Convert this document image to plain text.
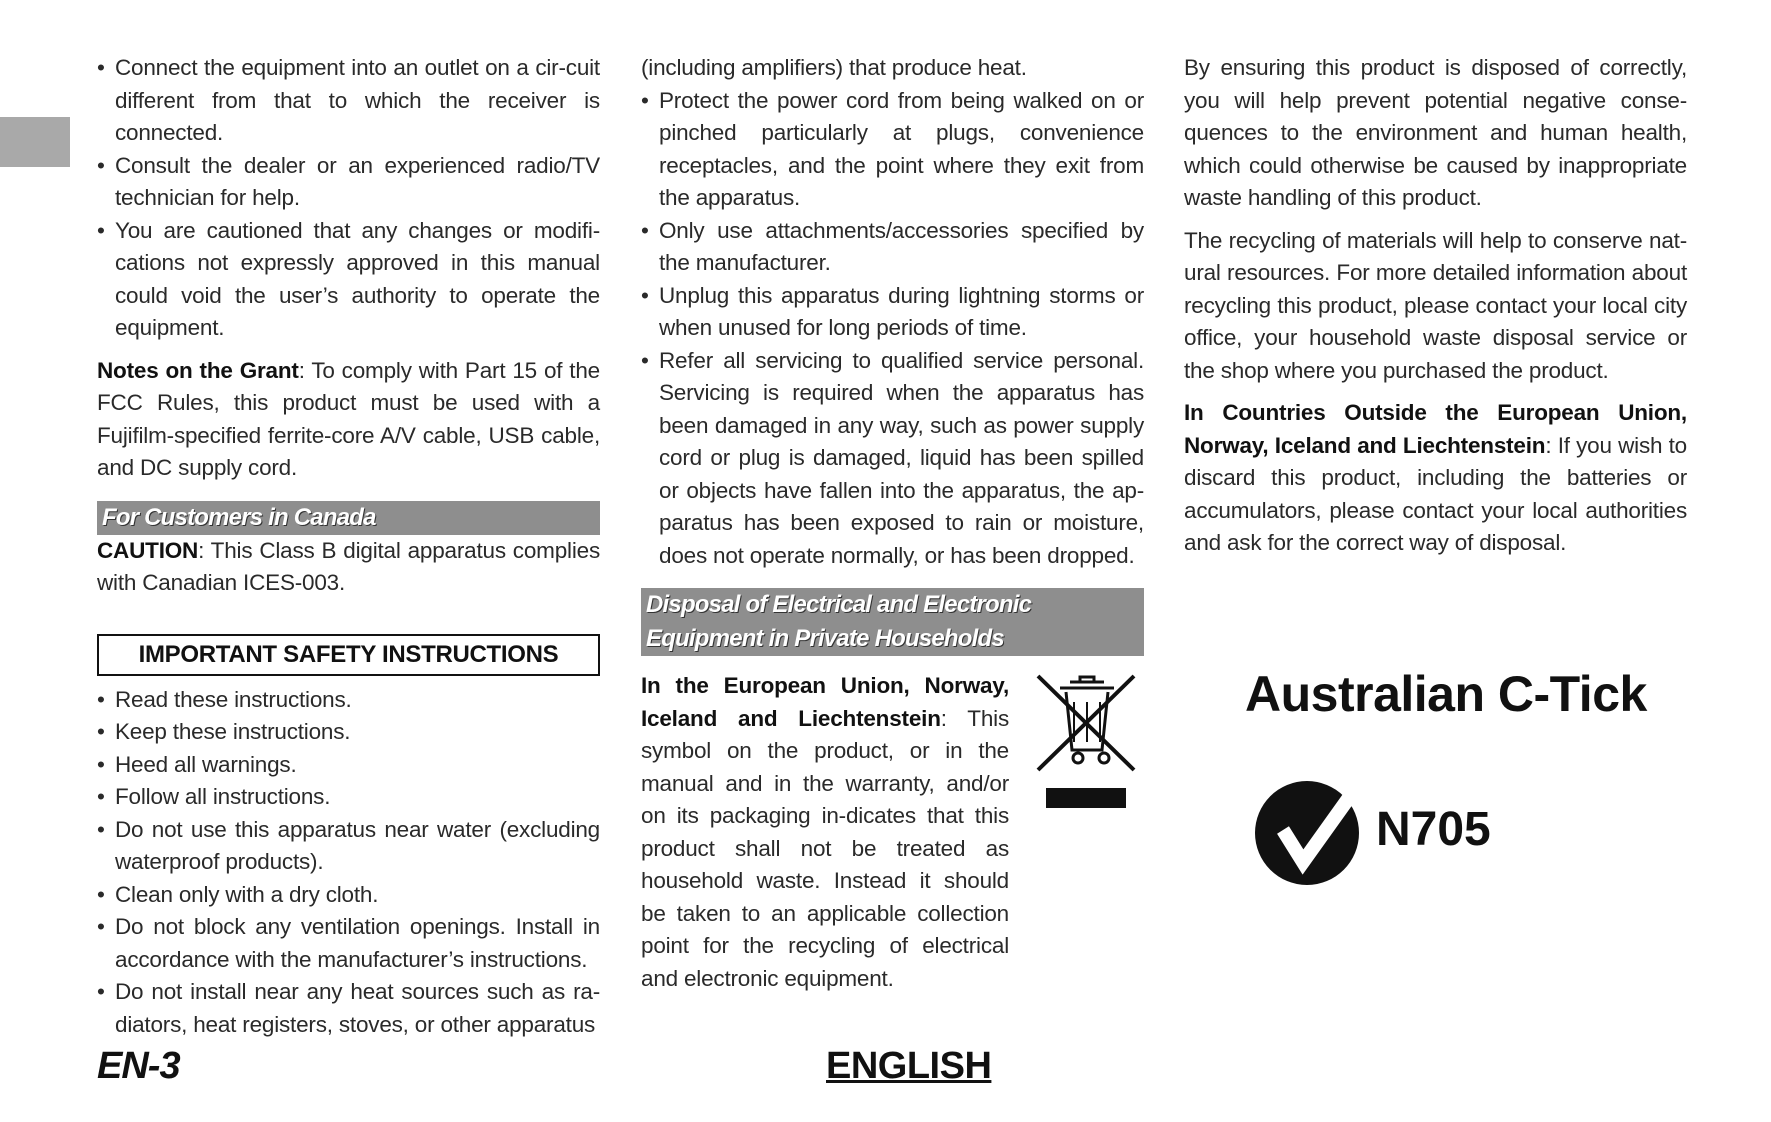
• Connect the equipment into an outlet on a cir-cuit different from that to which the receiver is connected.
• Consult the dealer or an experienced radio/TV technician for help.
• You are cautioned that any changes or modifi-cations not expressly approved in this manual could void the user’s authority to operate the equipment.

Notes on the Grant: To comply with Part 15 of the FCC Rules, this product must be used with a Fujifilm-specified ferrite-core A/V cable, USB cable, and DC supply cord.

For Customers in Canada

CAUTION: This Class B digital apparatus complies with Canadian ICES-003.

IMPORTANT SAFETY INSTRUCTIONS
• Read these instructions.
• Keep these instructions.
• Heed all warnings.
• Follow all instructions.
• Do not use this apparatus near water (excluding waterproof products).
• Clean only with a dry cloth.
• Do not block any ventilation openings. Install in accordance with the manufacturer’s instructions.
• Do not install near any heat sources such as ra-diators, heat registers, stoves, or other apparatus
(including amplifiers) that produce heat.
• Protect the power cord from being walked on or pinched particularly at plugs, convenience receptacles, and the point where they exit from the apparatus.
• Only use attachments/accessories specified by the manufacturer.
• Unplug this apparatus during lightning storms or when unused for long periods of time.
• Refer all servicing to qualified service personal. Servicing is required when the apparatus has been damaged in any way, such as power supply cord or plug is damaged, liquid has been spilled or objects have fallen into the apparatus, the ap-paratus has been exposed to rain or moisture, does not operate normally, or has been dropped.
Disposal of Electrical and Electronic Equipment in Private Households

In the European Union, Norway, Iceland and Liechtenstein: This symbol on the product, or in the manual and in the warranty, and/or on its packaging in-dicates that this product shall not be treated as household waste. Instead it should be taken to an applicable collection point for the recycling of electrical and electronic equipment.

By ensuring this product is disposed of correctly, you will help prevent potential negative conse-quences to the environment and human health, which could otherwise be caused by inappropriate waste handling of this product.

The recycling of materials will help to conserve nat-ural resources. For more detailed information about recycling this product, please contact your local city office, your household waste disposal service or the shop where you purchased the product.

In Countries Outside the European Union, Norway, Iceland and Liechtenstein: If you wish to discard this product, including the batteries or accumulators, please contact your local authorities and ask for the correct way of disposal.

Australian C-Tick
N705
EN-3	ENGLISH
